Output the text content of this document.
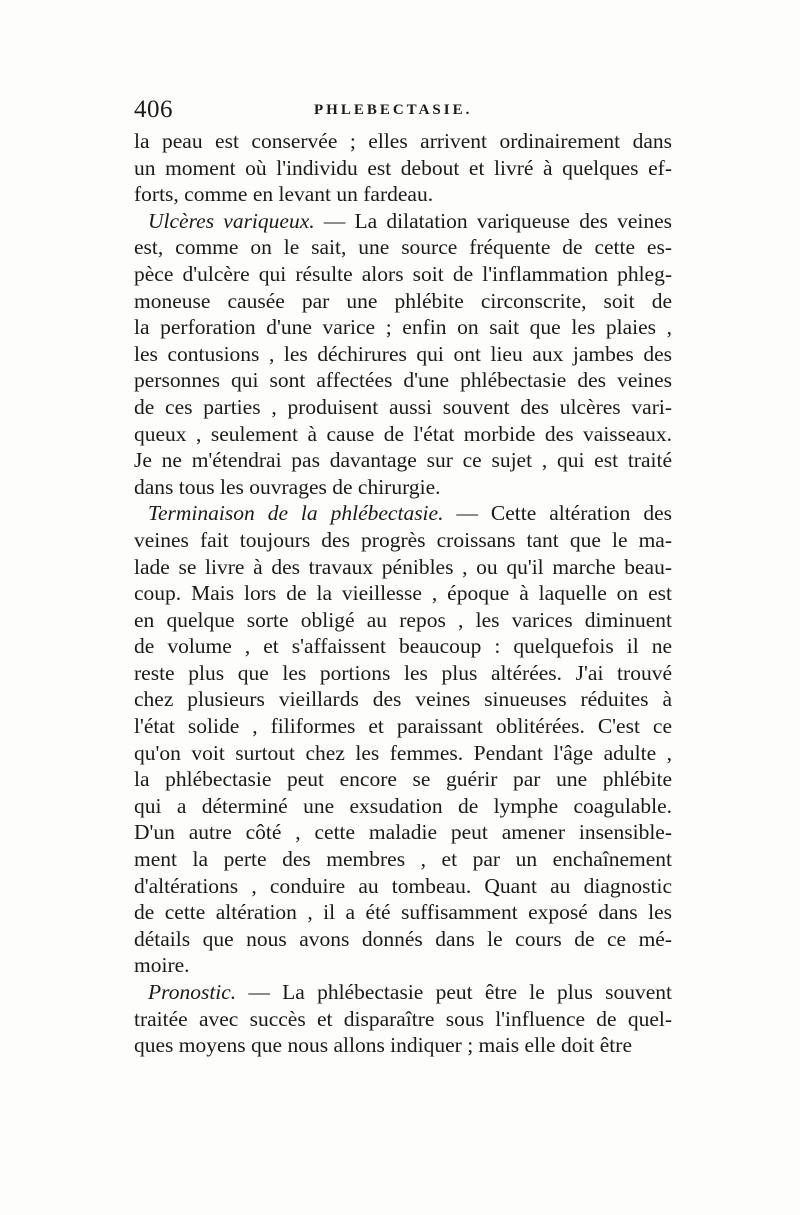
406	PHLEBECTASIE.
la peau est conservée ; elles arrivent ordinairement dans
un moment où l'individu est debout et livré à quelques ef-
forts, comme en levant un fardeau.
Ulcères variqueux. — La dilatation variqueuse des veines
est, comme on le sait, une source fréquente de cette es-
pèce d'ulcère qui résulte alors soit de l'inflammation phleg-
moneuse causée par une phlébite circonscrite, soit de
la perforation d'une varice ; enfin on sait que les plaies ,
les contusions , les déchirures qui ont lieu aux jambes des
personnes qui sont affectées d'une phlébectasie des veines
de ces parties , produisent aussi souvent des ulcères vari-
queux , seulement à cause de l'état morbide des vaisseaux.
Je ne m'étendrai pas davantage sur ce sujet , qui est traité
dans tous les ouvrages de chirurgie.
Terminaison de la phlébectasie. — Cette altération des
veines fait toujours des progrès croissans tant que le ma-
lade se livre à des travaux pénibles , ou qu'il marche beau-
coup. Mais lors de la vieillesse , époque à laquelle on est
en quelque sorte obligé au repos , les varices diminuent
de volume , et s'affaissent beaucoup : quelquefois il ne
reste plus que les portions les plus altérées. J'ai trouvé
chez plusieurs vieillards des veines sinueuses réduites à
l'état solide , filiformes et paraissant oblitérées. C'est ce
qu'on voit surtout chez les femmes. Pendant l'âge adulte ,
la phlébectasie peut encore se guérir par une phlébite
qui a déterminé une exsudation de lymphe coagulable.
D'un autre côté , cette maladie peut amener insensible-
ment la perte des membres , et par un enchaînement
d'altérations , conduire au tombeau. Quant au diagnostic
de cette altération , il a été suffisamment exposé dans les
détails que nous avons donnés dans le cours de ce mé-
moire.
Pronostic. — La phlébectasie peut être le plus souvent
traitée avec succès et disparaître sous l'influence de quel-
ques moyens que nous allons indiquer ; mais elle doit être
